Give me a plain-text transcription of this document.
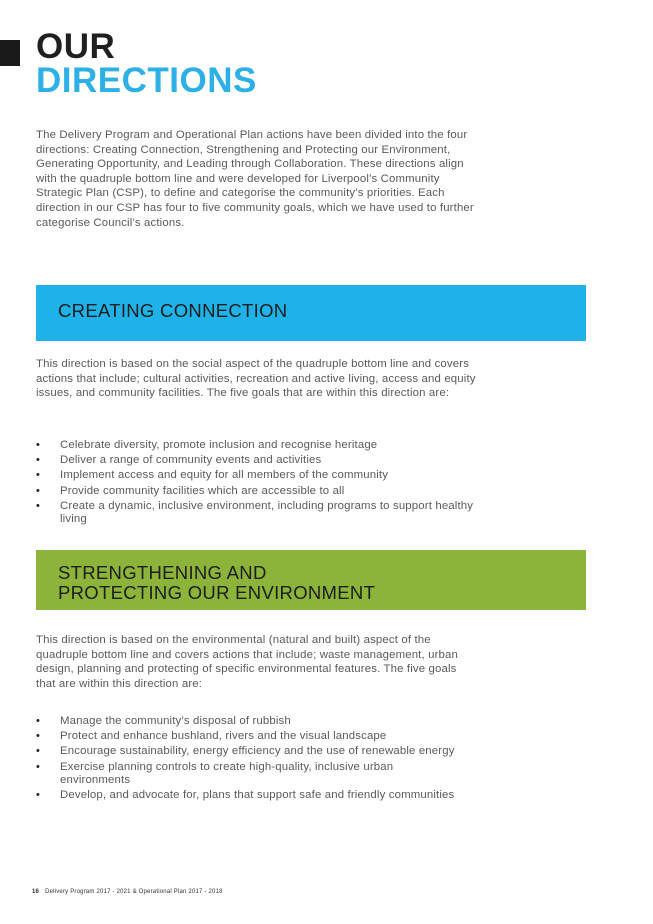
OUR
DIRECTIONS

The Delivery Program and Operational Plan actions have been divided into the four directions: Creating Connection, Strengthening and Protecting our Environment, Generating Opportunity, and Leading through Collaboration. These directions align with the quadruple bottom line and were developed for Liverpool’s Community Strategic Plan (CSP), to define and categorise the community’s priorities. Each direction in our CSP has four to five community goals, which we have used to further categorise Council’s actions.

CREATING CONNECTION

This direction is based on the social aspect of the quadruple bottom line and covers actions that include; cultural activities, recreation and active living, access and equity issues, and community facilities. The five goals that are within this direction are:

• Celebrate diversity, promote inclusion and recognise heritage
• Deliver a range of community events and activities
• Implement access and equity for all members of the community
• Provide community facilities which are accessible to all
• Create a dynamic, inclusive environment, including programs to support healthy living
STRENGTHENING AND
PROTECTING OUR ENVIRONMENT

This direction is based on the environmental (natural and built) aspect of the quadruple bottom line and covers actions that include; waste management, urban design, planning and protecting of specific environmental features. The five goals that are within this direction are:

• Manage the community’s disposal of rubbish
• Protect and enhance bushland, rivers and the visual landscape
• Encourage sustainability, energy efficiency and the use of renewable energy
• Exercise planning controls to create high-quality, inclusive urban environments
• Develop, and advocate for, plans that support safe and friendly communities
16 Delivery Program 2017 - 2021 & Operational Plan 2017 - 2018
